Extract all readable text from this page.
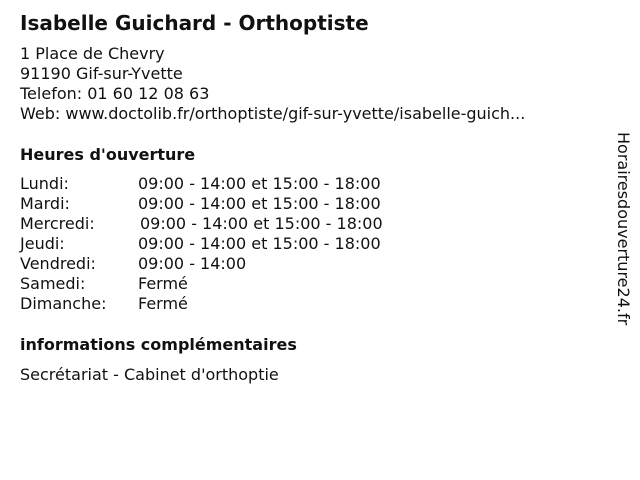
Isabelle Guichard - Orthoptiste
1 Place de Chevry
91190 Gif-sur-Yvette
Telefon: 01 60 12 08 63
Web: www.doctolib.fr/orthoptiste/gif-sur-yvette/isabelle-guich...
Heures d'ouverture
Lundi:	09:00 - 14:00 et 15:00 - 18:00
Mardi:	09:00 - 14:00 et 15:00 - 18:00
Mercredi:	09:00 - 14:00 et 15:00 - 18:00
Jeudi:	09:00 - 14:00 et 15:00 - 18:00
Vendredi:	09:00 - 14:00
Samedi:	Fermé
Dimanche: Fermé
informations complémentaires
Secrétariat - Cabinet d'orthoptie
Horairesdouverture24.fr
